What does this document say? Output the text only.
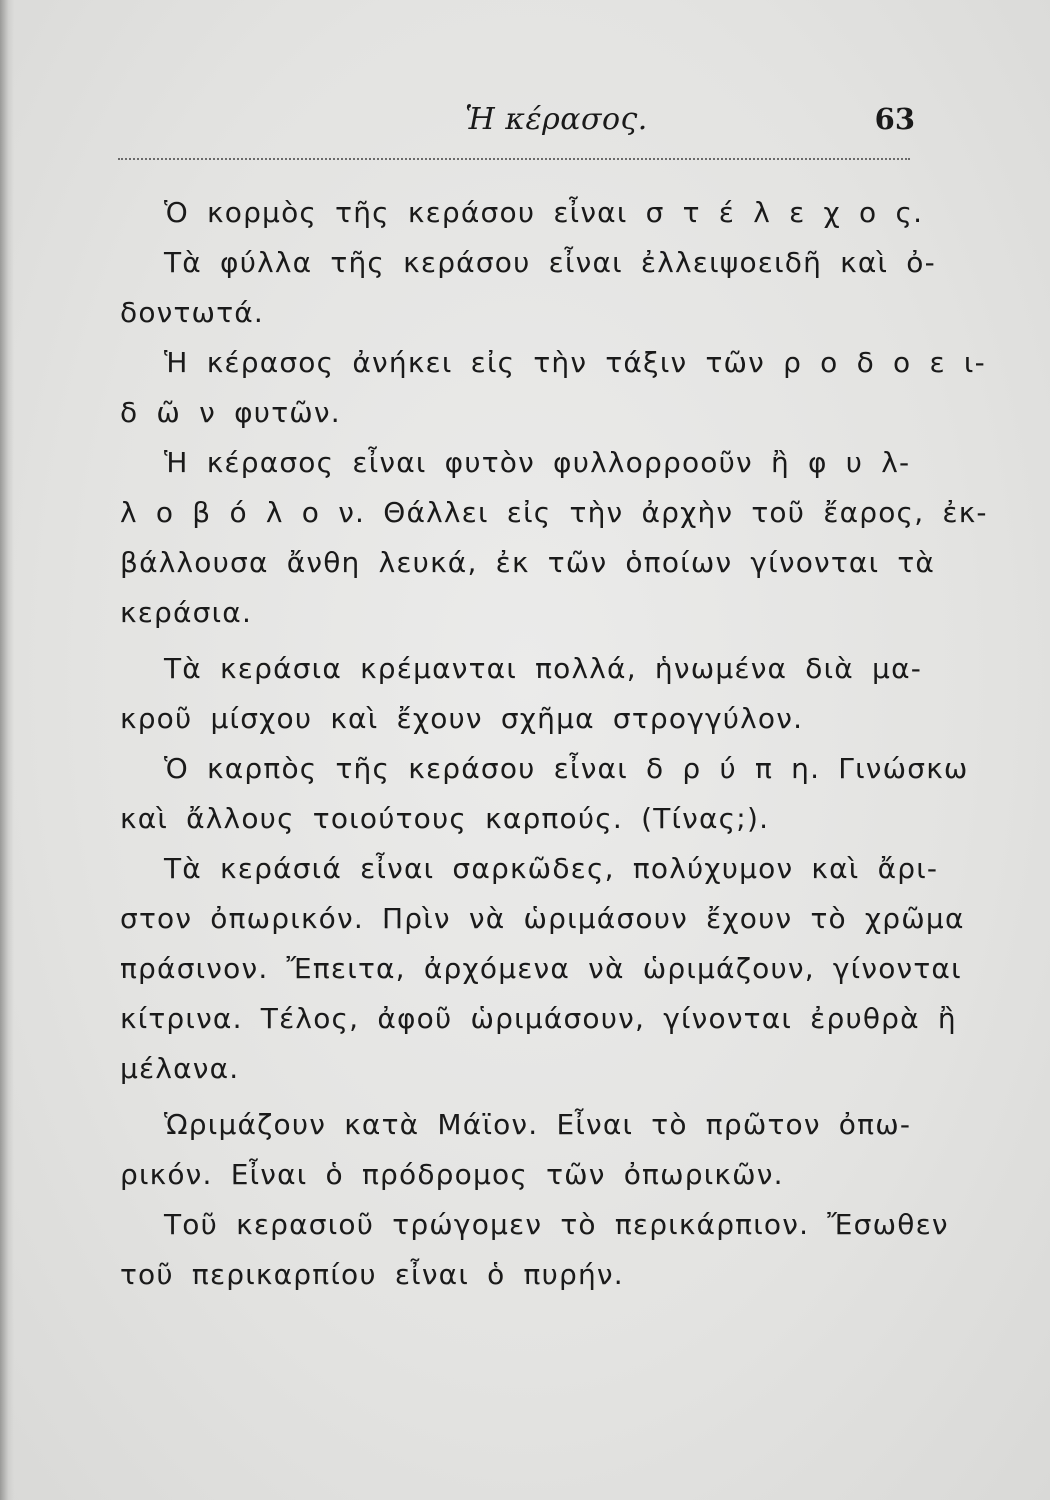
Ἡ κέρασος.	63
Ὁ κορμὸς τῆς κεράσου εἶναι σ τ έ λ ε χ ο ς.
Τὰ φύλλα τῆς κεράσου εἶναι ἐλλειψοειδῆ καὶ ὀ-
δοντωτά.
Ἡ κέρασος ἀνήκει εἰς τὴν τάξιν τῶν ρ ο δ ο ε ι-
δ ῶ ν φυτῶν.
Ἡ κέρασος εἶναι φυτὸν φυλλορροοῦν ἢ φ υ λ-
λ ο β ό λ ο ν. Θάλλει εἰς τὴν ἀρχὴν τοῦ ἔαρος, ἐκ-
βάλλουσα ἄνθη λευκά, ἐκ τῶν ὁποίων γίνονται τὰ
κεράσια.
Τὰ κεράσια κρέμανται πολλά, ἡνωμένα διὰ μα-
κροῦ μίσχου καὶ ἔχουν σχῆμα στρογγύλον.
Ὁ καρπὸς τῆς κεράσου εἶναι δ ρ ύ π η. Γινώσκω
καὶ ἄλλους τοιούτους καρπούς. (Τίνας;).
Τὰ κεράσιά εἶναι σαρκῶδες, πολύχυμον καὶ ἄρι-
στον ὀπωρικόν. Πρὶν νὰ ὡριμάσουν ἔχουν τὸ χρῶμα
πράσινον. Ἔπειτα, ἀρχόμενα νὰ ὡριμάζουν, γίνονται
κίτρινα. Τέλος, ἀφοῦ ὡριμάσουν, γίνονται ἐρυθρὰ ἢ
μέλανα.
Ὡριμάζουν κατὰ Μάϊον. Εἶναι τὸ πρῶτον ὀπω-
ρικόν. Εἶναι ὁ πρόδρομος τῶν ὀπωρικῶν.
Τοῦ κερασιοῦ τρώγομεν τὸ περικάρπιον. Ἔσωθεν
τοῦ περικαρπίου εἶναι ὁ πυρήν.
